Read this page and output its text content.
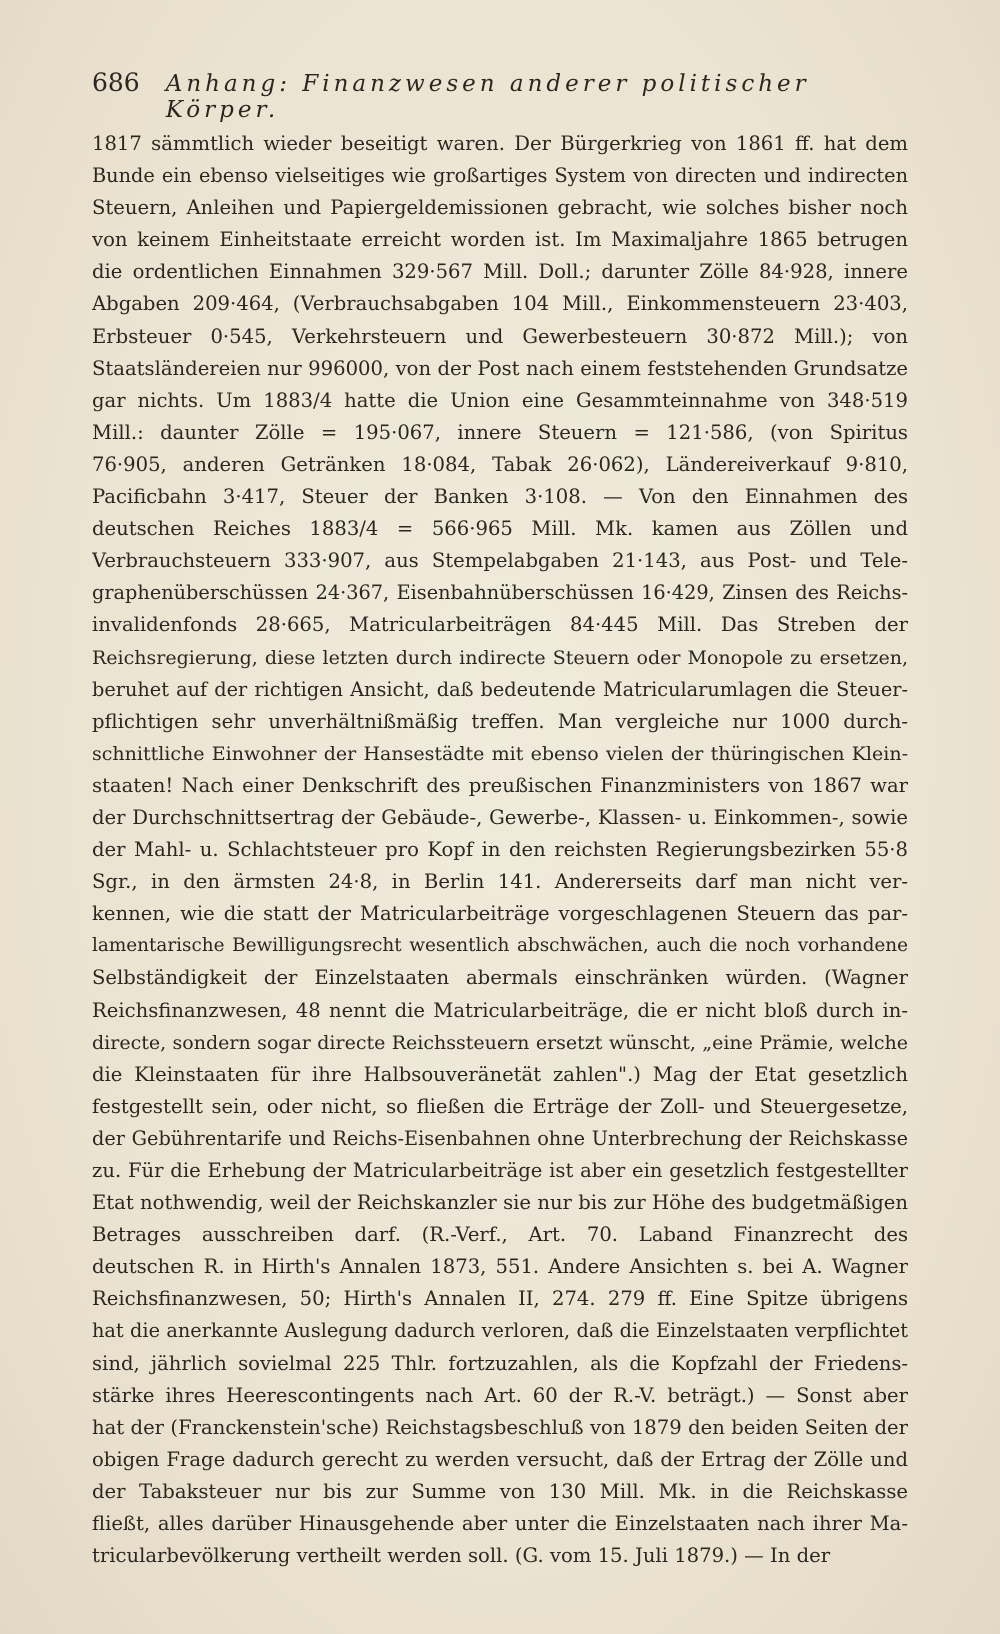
686 Anhang: Finanzwesen anderer politischer Körper.
1817 sämmtlich wieder beseitigt waren. Der Bürgerkrieg von 1861 ff. hat dem
Bunde ein ebenso vielseitiges wie großartiges System von directen und indirecten
Steuern, Anleihen und Papiergeldemissionen gebracht, wie solches bisher noch
von keinem Einheitstaate erreicht worden ist. Im Maximaljahre 1865 betrugen
die ordentlichen Einnahmen 329·567 Mill. Doll.; darunter Zölle 84·928, innere
Abgaben 209·464, (Verbrauchsabgaben 104 Mill., Einkommensteuern 23·403,
Erbsteuer 0·545, Verkehrsteuern und Gewerbesteuern 30·872 Mill.); von
Staatsländereien nur 996000, von der Post nach einem feststehenden Grundsatze
gar nichts. Um 1883/4 hatte die Union eine Gesammteinnahme von 348·519
Mill.: daunter Zölle = 195·067, innere Steuern = 121·586, (von Spiritus
76·905, anderen Getränken 18·084, Tabak 26·062), Ländereiverkauf 9·810,
Pacificbahn 3·417, Steuer der Banken 3·108. — Von den Einnahmen des
deutschen Reiches 1883/4 = 566·965 Mill. Mk. kamen aus Zöllen und
Verbrauchsteuern 333·907, aus Stempelabgaben 21·143, aus Post- und Tele-
graphenüberschüssen 24·367, Eisenbahnüberschüssen 16·429, Zinsen des Reichs-
invalidenfonds 28·665, Matricularbeiträgen 84·445 Mill. Das Streben der
Reichsregierung, diese letzten durch indirecte Steuern oder Monopole zu ersetzen,
beruhet auf der richtigen Ansicht, daß bedeutende Matricularumlagen die Steuer-
pflichtigen sehr unverhältnißmäßig treffen. Man vergleiche nur 1000 durch-
schnittliche Einwohner der Hansestädte mit ebenso vielen der thüringischen Klein-
staaten! Nach einer Denkschrift des preußischen Finanzministers von 1867 war
der Durchschnittsertrag der Gebäude-, Gewerbe-, Klassen- u. Einkommen-, sowie
der Mahl- u. Schlachtsteuer pro Kopf in den reichsten Regierungsbezirken 55·8
Sgr., in den ärmsten 24·8, in Berlin 141. Andererseits darf man nicht ver-
kennen, wie die statt der Matricularbeiträge vorgeschlagenen Steuern das par-
lamentarische Bewilligungsrecht wesentlich abschwächen, auch die noch vorhandene
Selbständigkeit der Einzelstaaten abermals einschränken würden. (Wagner
Reichsfinanzwesen, 48 nennt die Matricularbeiträge, die er nicht bloß durch in-
directe, sondern sogar directe Reichssteuern ersetzt wünscht, „eine Prämie, welche
die Kleinstaaten für ihre Halbsouveränetät zahlen".) Mag der Etat gesetzlich
festgestellt sein, oder nicht, so fließen die Erträge der Zoll- und Steuergesetze,
der Gebührentarife und Reichs-Eisenbahnen ohne Unterbrechung der Reichskasse
zu. Für die Erhebung der Matricularbeiträge ist aber ein gesetzlich festgestellter
Etat nothwendig, weil der Reichskanzler sie nur bis zur Höhe des budgetmäßigen
Betrages ausschreiben darf. (R.-Verf., Art. 70. Laband Finanzrecht des
deutschen R. in Hirth's Annalen 1873, 551. Andere Ansichten s. bei A. Wagner
Reichsfinanzwesen, 50; Hirth's Annalen II, 274. 279 ff. Eine Spitze übrigens
hat die anerkannte Auslegung dadurch verloren, daß die Einzelstaaten verpflichtet
sind, jährlich sovielmal 225 Thlr. fortzuzahlen, als die Kopfzahl der Friedens-
stärke ihres Heerescontingents nach Art. 60 der R.-V. beträgt.) — Sonst aber
hat der (Franckenstein'sche) Reichstagsbeschluß von 1879 den beiden Seiten der
obigen Frage dadurch gerecht zu werden versucht, daß der Ertrag der Zölle und
der Tabaksteuer nur bis zur Summe von 130 Mill. Mk. in die Reichskasse
fließt, alles darüber Hinausgehende aber unter die Einzelstaaten nach ihrer Ma-
tricularbevölkerung vertheilt werden soll. (G. vom 15. Juli 1879.) — In der
